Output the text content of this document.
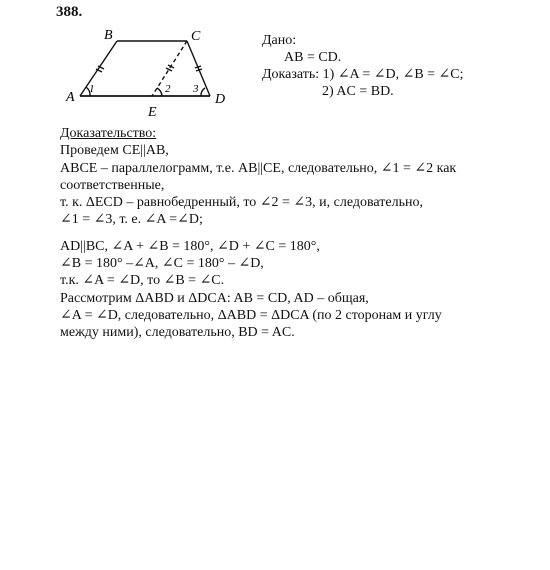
388.
B	C
A	D
E
1	2 3
Дано:
AB = CD.
Доказать: 1) ∠A = ∠D, ∠B = ∠C;
2) AC = BD.
Доказательство:
Проведем CE||AB,
ABCE – параллелограмм, т.е. AB||CE, следовательно, ∠1 = ∠2 как
соответственные,
т. к. ΔECD – равнобедренный, то ∠2 = ∠3, и, следовательно,
∠1 = ∠3, т. е. ∠A =∠D;
AD||BC, ∠A + ∠B = 180°, ∠D + ∠C = 180°,
∠B = 180° –∠A, ∠C = 180° – ∠D,
т.к. ∠A = ∠D, то ∠B = ∠C.
Рассмотрим ΔABD и ΔDCA: AB = CD, AD – общая,
∠A = ∠D, следовательно, ΔABD = ΔDCA (по 2 сторонам и углу
между ними), следовательно, BD = AC.
